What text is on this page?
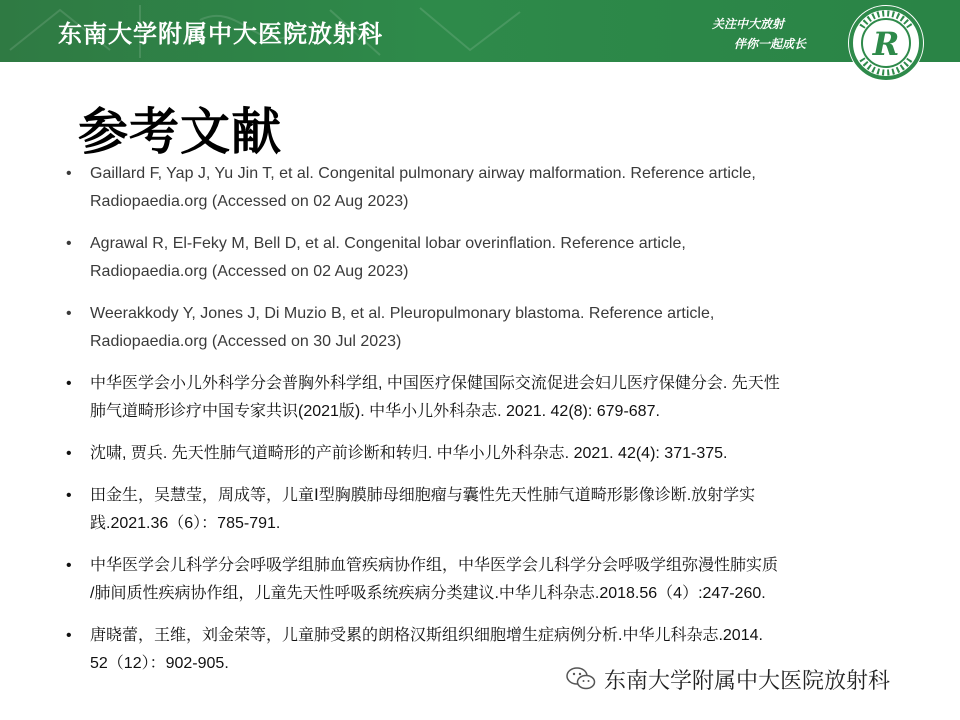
东南大学附属中大医院放射科	关注中大放射
伴你一起成长 R
参考文献
• Gaillard F, Yap J, Yu Jin T, et al. Congenital pulmonary airway malformation. Reference article,
Radiopaedia.org (Accessed on 02 Aug 2023)
• Agrawal R, El-Feky M, Bell D, et al. Congenital lobar overinflation. Reference article,
Radiopaedia.org (Accessed on 02 Aug 2023)
• Weerakkody Y, Jones J, Di Muzio B, et al. Pleuropulmonary blastoma. Reference article,
Radiopaedia.org (Accessed on 30 Jul 2023)
• 中华医学会小儿外科学分会普胸外科学组, 中国医疗保健国际交流促进会妇儿医疗保健分会. 先天性
肺气道畸形诊疗中国专家共识(2021版). 中华小儿外科杂志. 2021. 42(8): 679-687.
• 沈啸, 贾兵. 先天性肺气道畸形的产前诊断和转归. 中华小儿外科杂志. 2021. 42(4): 371-375.
• 田金生，吴慧莹，周成等，儿童Ⅰ型胸膜肺母细胞瘤与囊性先天性肺气道畸形影像诊断.放射学实
践.2021.36（6）：785-791.
• 中华医学会儿科学分会呼吸学组肺血管疾病协作组，中华医学会儿科学分会呼吸学组弥漫性肺实质
/肺间质性疾病协作组，儿童先天性呼吸系统疾病分类建议.中华儿科杂志.2018.56（4）:247-260.
• 唐晓蕾，王维，刘金荣等，儿童肺受累的朗格汉斯组织细胞增生症病例分析.中华儿科杂志.2014.
52（12）：902-905.
东南大学附属中大医院放射科
